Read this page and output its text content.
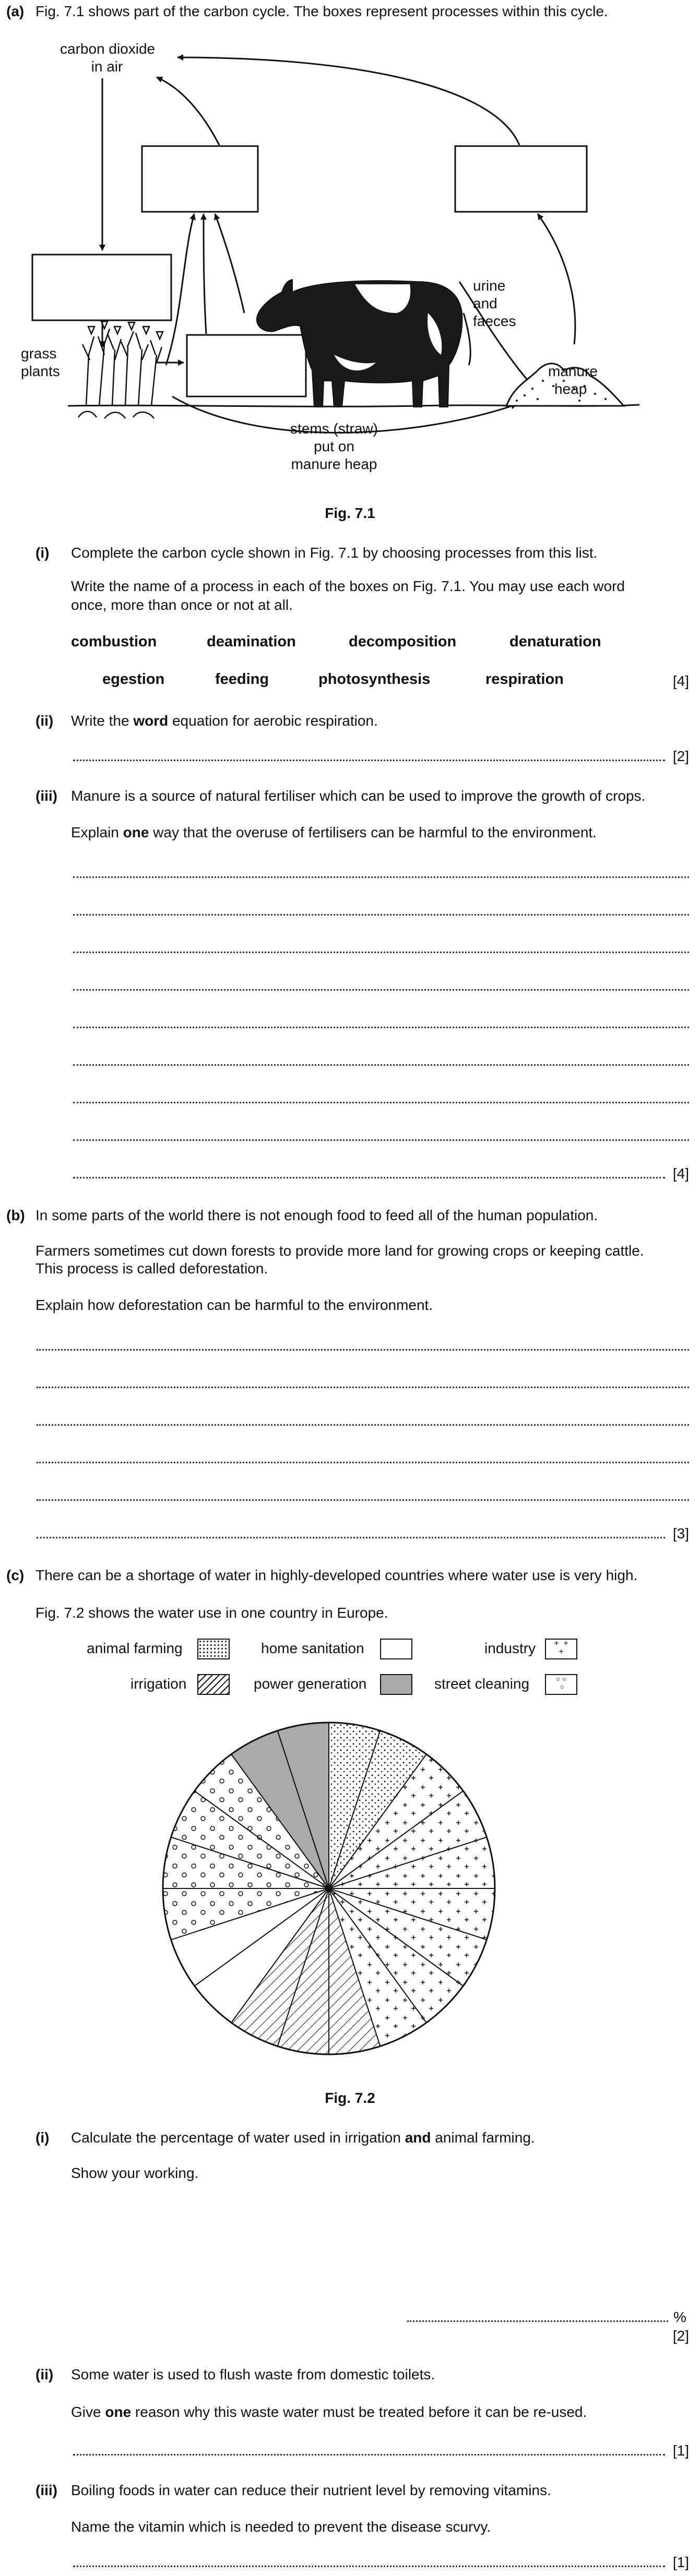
(a) Fig. 7.1 shows part of the carbon cycle. The boxes represent processes within this cycle.
carbon dioxide
in air
grass
plants
urine
and
faeces
manure
heap
stems (straw)
put on
manure heap
Fig. 7.1
(i) Complete the carbon cycle shown in Fig. 7.1 by choosing processes from this list.
Write the name of a process in each of the boxes on Fig. 7.1. You may use each word
once, more than once or not at all.
combustion	deamination	decomposition	denaturation
egestion	feeding	photosynthesis	respiration	[4]
(ii) Write the word equation for aerobic respiration.
[2]
(iii) Manure is a source of natural fertiliser which can be used to improve the growth of crops.
Explain one way that the overuse of fertilisers can be harmful to the environment.
[4]
(b) In some parts of the world there is not enough food to feed all of the human population.
Farmers sometimes cut down forests to provide more land for growing crops or keeping cattle.
This process is called deforestation.
Explain how deforestation can be harmful to the environment.
[3]
(c) There can be a shortage of water in highly-developed countries where water use is very high.
Fig. 7.2 shows the water use in one country in Europe.
animal farming	home sanitation	industry	+  +
+
irrigation	power generation	street cleaning	○ ○
○
Fig. 7.2
(i) Calculate the percentage of water used in irrigation and animal farming.
Show your working.
%
[2]
(ii) Some water is used to flush waste from domestic toilets.
Give one reason why this waste water must be treated before it can be re-used.
[1]
(iii) Boiling foods in water can reduce their nutrient level by removing vitamins.
Name the vitamin which is needed to prevent the disease scurvy.
[1]
